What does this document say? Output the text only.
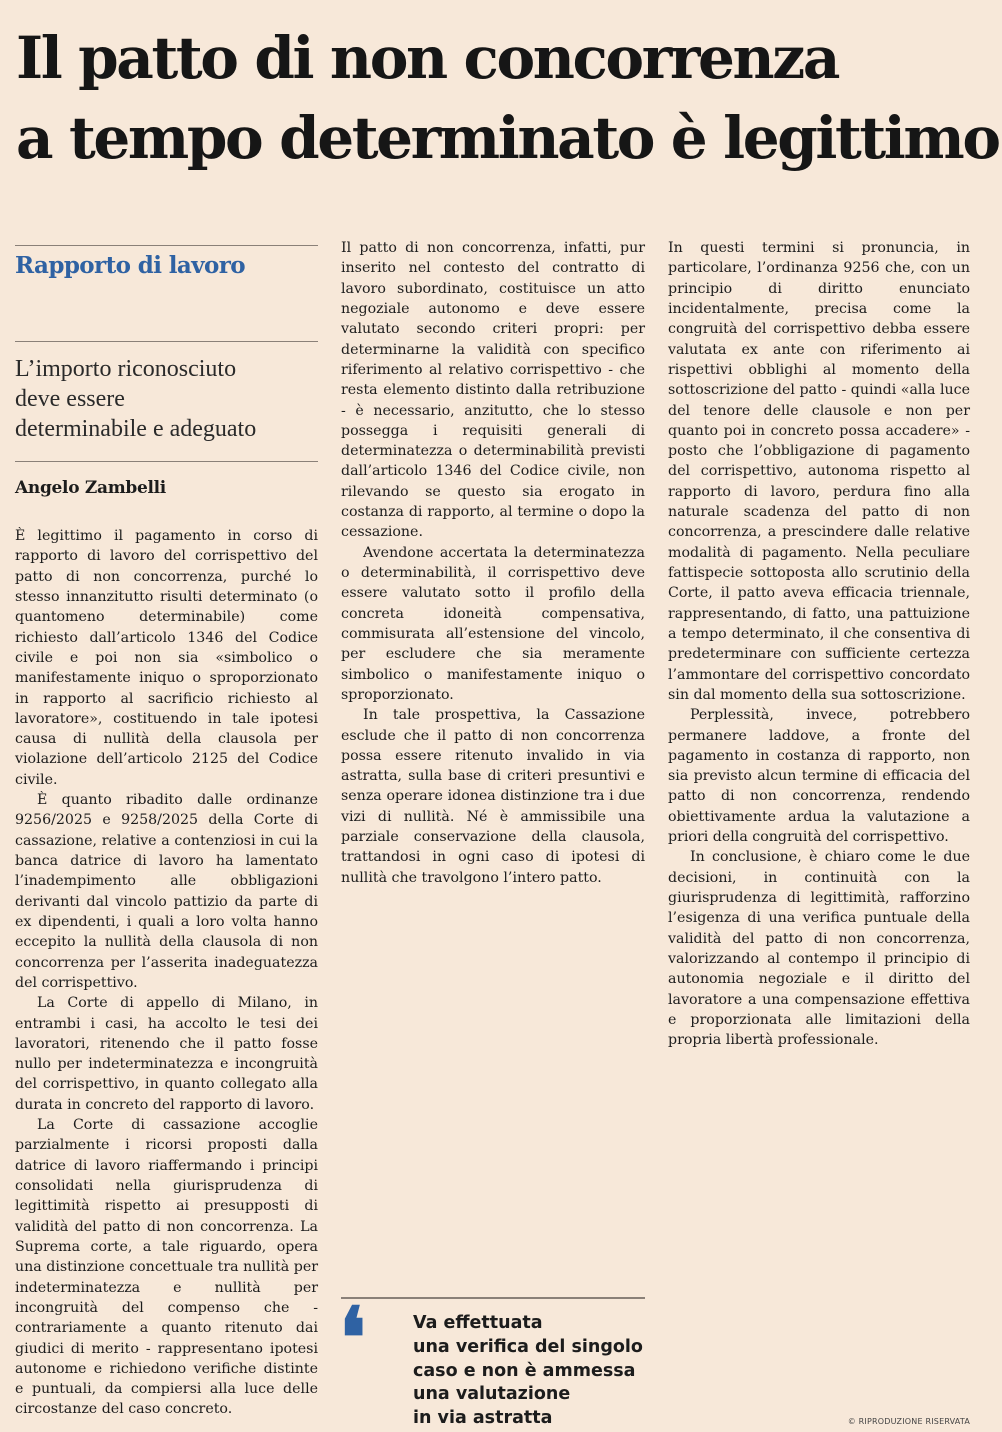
Il patto di non concorrenza
a tempo determinato è legittimo
Rapporto di lavoro
L’importo riconosciuto
deve essere
determinabile e adeguato
Angelo Zambelli

È legittimo il pagamento in corso di rapporto di lavoro del corrispettivo del patto di non concorrenza, purché lo stesso innanzitutto risulti determinato (o quantomeno determinabile) come richiesto dall’articolo 1346 del Codice civile e poi non sia «simbolico o manifestamente iniquo o sproporzionato in rapporto al sacrificio richiesto al lavoratore», costituendo in tale ipotesi causa di nullità della clausola per violazione dell’articolo 2125 del Codice civile.

È quanto ribadito dalle ordinanze 9256/2025 e 9258/2025 della Corte di cassazione, relative a contenziosi in cui la banca datrice di lavoro ha lamentato l’inadempimento alle obbligazioni derivanti dal vincolo pattizio da parte di ex dipendenti, i quali a loro volta hanno eccepito la nullità della clausola di non concorrenza per l’asserita inadeguatezza del corrispettivo.

La Corte di appello di Milano, in entrambi i casi, ha accolto le tesi dei lavoratori, ritenendo che il patto fosse nullo per indeterminatezza e incongruità del corrispettivo, in quanto collegato alla durata in concreto del rapporto di lavoro.

La Corte di cassazione accoglie parzialmente i ricorsi proposti dalla datrice di lavoro riaffermando i principi consolidati nella giurisprudenza di legittimità rispetto ai presupposti di validità del patto di non concorrenza. La Suprema corte, a tale riguardo, opera una distinzione concettuale tra nullità per indeterminatezza e nullità per incongruità del compenso che - contrariamente a quanto ritenuto dai giudici di merito - rappresentano ipotesi autonome e richiedono verifiche distinte e puntuali, da compiersi alla luce delle circostanze del caso concreto.

Il patto di non concorrenza, infatti, pur inserito nel contesto del contratto di lavoro subordinato, costituisce un atto negoziale autonomo e deve essere valutato secondo criteri propri: per determinarne la validità con specifico riferimento al relativo corrispettivo - che resta elemento distinto dalla retribuzione - è necessario, anzitutto, che lo stesso possegga i requisiti generali di determinatezza o determinabilità previsti dall’articolo 1346 del Codice civile, non rilevando se questo sia erogato in costanza di rapporto, al termine o dopo la cessazione.

Avendone accertata la determinatezza o determinabilità, il corrispettivo deve essere valutato sotto il profilo della concreta idoneità compensativa, commisurata all’estensione del vincolo, per escludere che sia meramente simbolico o manifestamente iniquo o sproporzionato.

In tale prospettiva, la Cassazione esclude che il patto di non concorrenza possa essere ritenuto invalido in via astratta, sulla base di criteri presuntivi e senza operare idonea distinzione tra i due vizi di nullità. Né è ammissibile una parziale conservazione della clausola, trattandosi in ogni caso di ipotesi di nullità che travolgono l’intero patto.

❛	Va effettuata
una verifica del singolo
caso e non è ammessa
una valutazione
in via astratta

In questi termini si pronuncia, in particolare, l’ordinanza 9256 che, con un principio di diritto enunciato incidentalmente, precisa come la congruità del corrispettivo debba essere valutata ex ante con riferimento ai rispettivi obblighi al momento della sottoscrizione del patto - quindi «alla luce del tenore delle clausole e non per quanto poi in concreto possa accadere» - posto che l’obbligazione di pagamento del corrispettivo, autonoma rispetto al rapporto di lavoro, perdura fino alla naturale scadenza del patto di non concorrenza, a prescindere dalle relative modalità di pagamento. Nella peculiare fattispecie sottoposta allo scrutinio della Corte, il patto aveva efficacia triennale, rappresentando, di fatto, una pattuizione a tempo determinato, il che consentiva di predeterminare con sufficiente certezza l’ammontare del corrispettivo concordato sin dal momento della sua sottoscrizione.

Perplessità, invece, potrebbero permanere laddove, a fronte del pagamento in costanza di rapporto, non sia previsto alcun termine di efficacia del patto di non concorrenza, rendendo obiettivamente ardua la valutazione a priori della congruità del corrispettivo.

In conclusione, è chiaro come le due decisioni, in continuità con la giurisprudenza di legittimità, rafforzino l’esigenza di una verifica puntuale della validità del patto di non concorrenza, valorizzando al contempo il principio di autonomia negoziale e il diritto del lavoratore a una compensazione effettiva e proporzionata alle limitazioni della propria libertà professionale.

© RIPRODUZIONE RISERVATA
